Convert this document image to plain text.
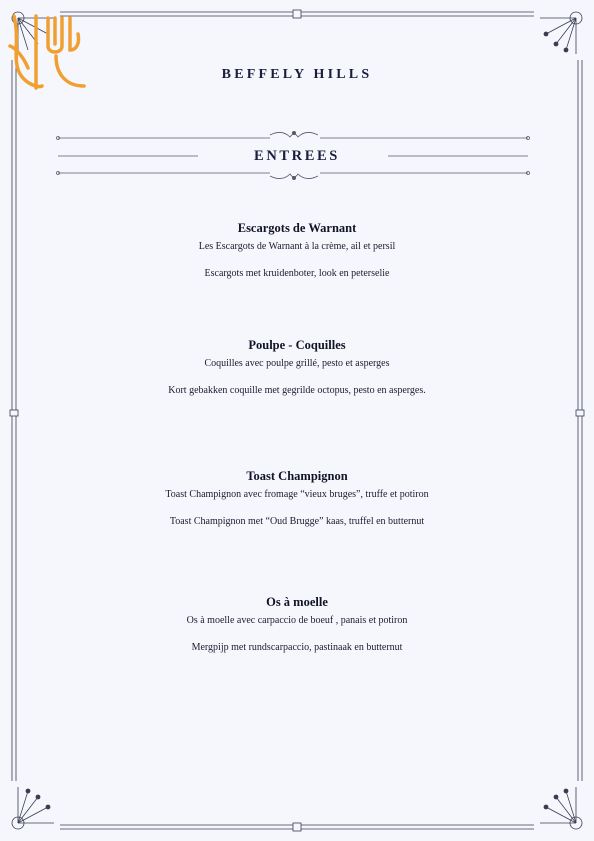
BEFFELY HILLS
ENTREES

Escargots de Warnant

Les Escargots de Warnant à la crème, ail et persil

Escargots met kruidenboter, look en peterselie

Poulpe - Coquilles

Coquilles avec poulpe grillé, pesto et asperges

Kort gebakken coquille met gegrilde octopus, pesto en asperges.

Toast Champignon

Toast Champignon avec fromage “vieux bruges”, truffe et potiron

Toast Champignon met “Oud Brugge” kaas, truffel en butternut

Os à moelle

Os à moelle avec carpaccio de boeuf , panais et potiron

Mergpijp met rundscarpaccio, pastinaak en butternut
